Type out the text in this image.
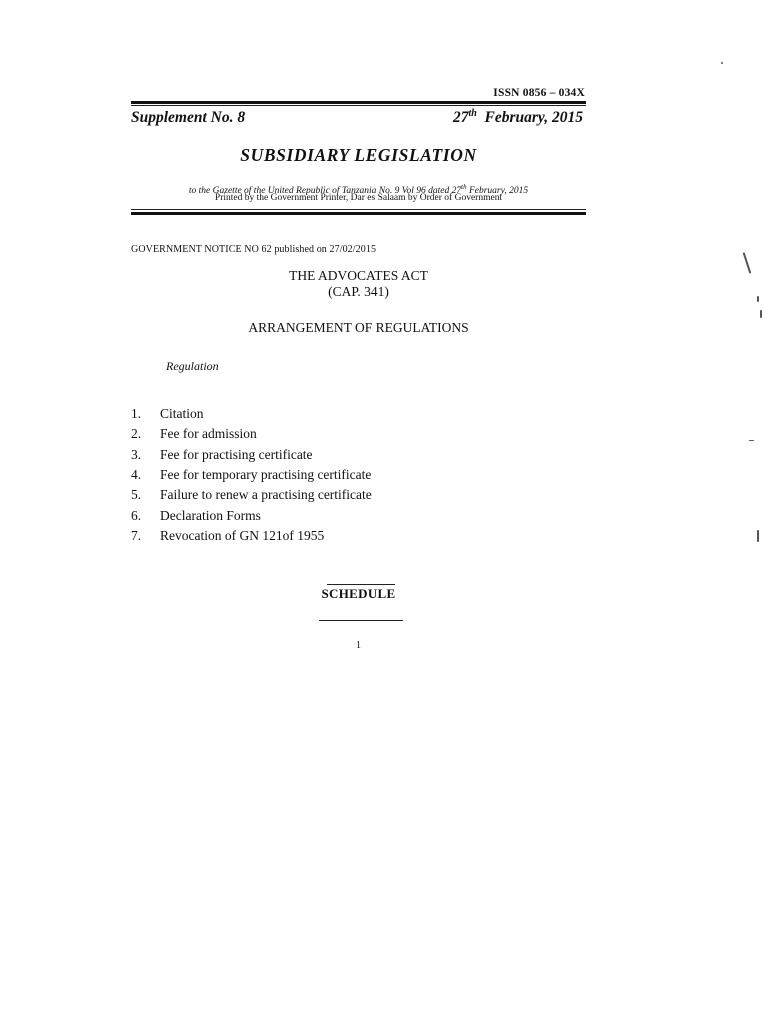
ISSN 0856 – 034X
Supplement No. 8	27th February, 2015
SUBSIDIARY LEGISLATION
to the Gazette of the United Republic of Tanzania No. 9 Vol 96 dated 27th February, 2015
Printed by the Government Printer, Dar es Salaam by Order of Government
GOVERNMENT NOTICE NO 62 published on 27/02/2015
THE ADVOCATES ACT
(CAP. 341)
ARRANGEMENT OF REGULATIONS
Regulation
1.	Citation
2.	Fee for admission
3.	Fee for practising certificate
4.	Fee for temporary practising certificate
5.	Failure to renew a practising certificate
6.	Declaration Forms
7.	Revocation of GN 121of 1955
SCHEDULE
1
